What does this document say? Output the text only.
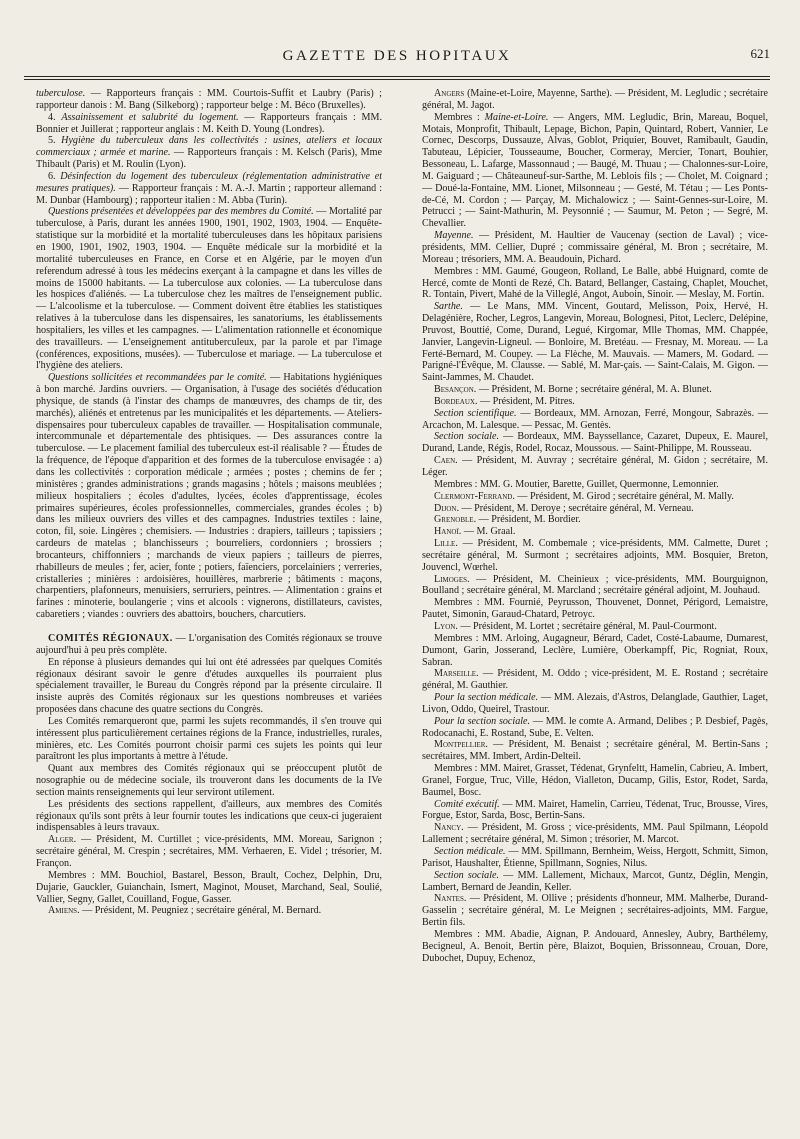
GAZETTE DES HOPITAUX	621

tuberculose. — Rapporteurs français : MM. Courtois-Suffit et Laubry (Paris) ; rapporteur danois : M. Bang (Silkeborg) ; rapporteur belge : M. Béco (Bruxelles).

4. Assainissement et salubrité du logement. — Rapporteurs français : MM. Bonnier et Juillerat ; rapporteur anglais : M. Keith D. Young (Londres).

5. Hygiène du tuberculeux dans les collectivités : usines, ateliers et locaux commerciaux ; armée et marine. — Rapporteurs français : M. Kelsch (Paris), Mme Thibault (Paris) et M. Roulin (Lyon).

6. Désinfection du logement des tuberculeux (réglementation administrative et mesures pratiques). — Rapporteur français : M. A.-J. Martin ; rapporteur allemand : M. Dunbar (Hambourg) ; rapporteur italien : M. Abba (Turin).

Questions présentées et développées par des membres du Comité. — Mortalité par tuberculose, à Paris, durant les années 1900, 1901, 1902, 1903, 1904. — Enquête-statistique sur la morbidité et la mortalité tuberculeuses dans les hôpitaux parisiens en 1900, 1901, 1902, 1903, 1904. — Enquête médicale sur la morbidité et la mortalité tuberculeuses en France, en Corse et en Algérie, par le moyen d'un referendum adressé à tous les médecins exerçant à la campagne et dans les villes de moins de 15000 habitants. — La tuberculose aux colonies. — La tuberculose dans les hospices d'aliénés. — La tuberculose chez les maîtres de l'enseignement public. — L'alcoolisme et la tuberculose. — Comment doivent être établies les statistiques relatives à la tuberculose dans les dispensaires, les sanatoriums, les établissements hospitaliers, les villes et les campagnes. — L'alimentation rationnelle et économique des travailleurs. — L'enseignement antituberculeux, par la parole et par l'image (conférences, expositions, musées). — Tuberculose et mariage. — La tuberculose et l'hygiène des ateliers.

Questions sollicitées et recommandées par le comité. — Habitations hygiéniques à bon marché. Jardins ouvriers. — Organisation, à l'usage des sociétés d'éducation physique, de stands (à l'instar des champs de manœuvres, des champs de tir, des marchés), aliénés et entretenus par les municipalités et les départements. — Ateliers-dispensaires pour tuberculeux capables de travailler. — Hospitalisation communale, intercommunale et départementale des phtisiques. — Des assurances contre la tuberculose. — Le placement familial des tuberculeux est-il réalisable ? — Études de la fréquence, de l'époque d'apparition et des formes de la tuberculose envisagée : a) dans les collectivités : corporation médicale ; armées ; postes ; chemins de fer ; ministères ; grandes administrations ; grands magasins ; hôtels ; maisons meublées ; milieux hospitaliers ; écoles d'adultes, lycées, écoles d'apprentissage, écoles primaires supérieures, écoles professionnelles, commerciales, grandes écoles ; b) dans les milieux ouvriers des villes et des campagnes. Industries textiles : laine, coton, fil, soie. Lingères ; chemisiers. — Industries : drapiers, tailleurs ; tapissiers ; cardeurs de matelas ; blanchisseurs ; bourreliers, cordonniers ; brossiers ; brocanteurs, chiffonniers ; marchands de vieux papiers ; tailleurs de pierres, rhabilleurs de meules ; fer, acier, fonte ; potiers, faïenciers, porcelainiers ; verreries, cristalleries ; minières : ardoisières, houillères, marbrerie ; bâtiments : maçons, charpentiers, plafonneurs, menuisiers, serruriers, peintres. — Alimentation : grains et farines : minoterie, boulangerie ; vins et alcools : vignerons, distillateurs, cavistes, cabaretiers ; viandes : ouvriers des abattoirs, bouchers, charcutiers.

COMITÉS RÉGIONAUX. — L'organisation des Comités régionaux se trouve aujourd'hui à peu près complète.

En réponse à plusieurs demandes qui lui ont été adressées par quelques Comités régionaux désirant savoir le genre d'études auxquelles ils pourraient plus spécialement travailler, le Bureau du Congrès répond par la présente circulaire. Il insiste auprès des Comités régionaux sur les questions nombreuses et variées proposées dans chacune des quatre sections du Congrès.

Les Comités remarqueront que, parmi les sujets recommandés, il s'en trouve qui intéressent plus particulièrement certaines régions de la France, industrielles, rurales, minières, etc. Les Comités pourront choisir parmi ces sujets les points qui leur paraîtront les plus importants à mettre à l'étude.

Quant aux membres des Comités régionaux qui se préoccupent plutôt de nosographie ou de médecine sociale, ils trouveront dans les documents de la IVe section maints renseignements qui leur serviront utilement.

Les présidents des sections rappellent, d'ailleurs, aux membres des Comités régionaux qu'ils sont prêts à leur fournir toutes les indications que ceux-ci jugeraient indispensables à leurs travaux.

Alger. — Président, M. Curtillet ; vice-présidents, MM. Moreau, Sarignon ; secrétaire général, M. Crespin ; secrétaires, MM. Verhaeren, E. Videl ; trésorier, M. Françon.

Membres : MM. Bouchiol, Bastarel, Besson, Brault, Cochez, Delphin, Dru, Dujarie, Gauckler, Guianchain, Ismert, Maginot, Mouset, Marchand, Seal, Soulié, Vallier, Segny, Gallet, Couilland, Fogue, Gasser.

Amiens. — Président, M. Peugniez ; secrétaire général, M. Bernard.

Angers (Maine-et-Loire, Mayenne, Sarthe). — Président, M. Legludic ; secrétaire général, M. Jagot.

Membres : Maine-et-Loire. — Angers, MM. Legludic, Brin, Mareau, Boquel, Motais, Monprofit, Thibault, Lepage, Bichon, Papin, Quintard, Robert, Vannier, Le Cornec, Descorps, Dussauze, Alvas, Goblot, Priquier, Bouvet, Ramibault, Gaudin, Tabuteau, Lépicier, Tousseaume, Boucher, Cormeray, Mercier, Tonart, Bouhier, Bessoneau, L. Lafarge, Massonnaud ; — Baugé, M. Thuau ; — Chalonnes-sur-Loire, M. Gaiguard ; — Châteauneuf-sur-Sarthe, M. Leblois fils ; — Cholet, M. Coignard ; — Doué-la-Fontaine, MM. Lionet, Milsonneau ; — Gesté, M. Tétau ; — Les Ponts-de-Cé, M. Cordon ; — Parçay, M. Michalowicz ; — Saint-Gennes-sur-Loire, M. Petrucci ; — Saint-Mathurin, M. Peysonnié ; — Saumur, M. Peton ; — Segré, M. Chevallier.

Mayenne. — Président, M. Haultier de Vaucenay (section de Laval) ; vice-présidents, MM. Cellier, Dupré ; commissaire général, M. Bron ; secrétaire, M. Moreau ; trésoriers, MM. A. Beaudouin, Pichard.

Membres : MM. Gaumé, Gougeon, Rolland, Le Balle, abbé Huignard, comte de Hercé, comte de Monti de Rezé, Ch. Batard, Bellanger, Castaing, Chaplet, Mouchet, R. Tontain, Pivert, Mahé de la Villeglé, Angot, Auboin, Sinoir. — Meslay, M. Fortin.

Sarthe. — Le Mans, MM. Vincent, Goutard, Melisson, Poix, Hervé, H. Delagénière, Rocher, Legros, Langevin, Moreau, Bolognesi, Pitot, Leclerc, Delépine, Pruvost, Bouttié, Come, Durand, Legué, Kirgomar, Mlle Thomas, MM. Chappée, Janvier, Langevin-Ligneul. — Bonloire, M. Bretéau. — Fresnay, M. Moreau. — La Ferté-Bernard, M. Coupey. — La Flèche, M. Mauvais. — Mamers, M. Godard. — Parigné-l'Évêque, M. Clausse. — Sablé, M. Mar-çais. — Saint-Calais, M. Gigon. — Saint-Jammes, M. Chaudet.

Besançon. — Président, M. Borne ; secrétaire général, M. A. Blunet.

Bordeaux. — Président, M. Pitres.

Section scientifique. — Bordeaux, MM. Arnozan, Ferré, Mongour, Sabrazès. — Arcachon, M. Lalesque. — Pessac, M. Gentès.

Section sociale. — Bordeaux, MM. Bayssellance, Cazaret, Dupeux, E. Maurel, Durand, Lande, Régis, Rodel, Rocaz, Moussous. — Saint-Philippe, M. Rousseau.

Caen. — Président, M. Auvray ; secrétaire général, M. Gidon ; secrétaire, M. Léger.

Membres : MM. G. Moutier, Barette, Guillet, Quermonne, Lemonnier.

Clermont-Ferrand. — Président, M. Girod ; secrétaire général, M. Mally.

Dijon. — Président, M. Deroye ; secrétaire général, M. Verneau.

Grenoble. — Président, M. Bordier.

Hanoï. — M. Graal.

Lille. — Président, M. Combemale ; vice-présidents, MM. Calmette, Duret ; secrétaire général, M. Surmont ; secrétaires adjoints, MM. Bosquier, Breton, Jouvencl, Wœrhel.

Limoges. — Président, M. Cheinieux ; vice-présidents, MM. Bourguignon, Boulland ; secrétaire général, M. Marcland ; secrétaire général adjoint, M. Jouhaud.

Membres : MM. Fournié, Peyrusson, Thouvenet, Donnet, Périgord, Lemaistre, Pautet, Simonin, Garaud-Chatard, Petroyc.

Lyon. — Président, M. Lortet ; secrétaire général, M. Paul-Courmont.

Membres : MM. Arloing, Augagneur, Bérard, Cadet, Costé-Labaume, Dumarest, Dumont, Garin, Josserand, Leclère, Lumière, Oberkampff, Pic, Rogniat, Roux, Sabran.

Marseille. — Président, M. Oddo ; vice-président, M. E. Rostand ; secrétaire général, M. Gauthier.

Pour la section médicale. — MM. Alezais, d'Astros, Delanglade, Gauthier, Laget, Livon, Oddo, Queirel, Trastour.

Pour la section sociale. — MM. le comte A. Armand, Delibes ; P. Desbief, Pagès, Rodocanachi, E. Rostand, Sube, E. Velten.

Montpellier. — Président, M. Benaist ; secrétaire général, M. Bertin-Sans ; secrétaires, MM. Imbert, Ardin-Delteil.

Membres : MM. Mairet, Grasset, Tédenat, Grynfeltt, Hamelin, Cabrieu, A. Imbert, Granel, Forgue, Truc, Ville, Hédon, Vialleton, Ducamp, Gilis, Estor, Rodet, Sarda, Baumel, Bosc.

Comité exécutif. — MM. Mairet, Hamelin, Carrieu, Tédenat, Truc, Brousse, Vires, Forgue, Estor, Sarda, Bosc, Bertin-Sans.

Nancy. — Président, M. Gross ; vice-présidents, MM. Paul Spilmann, Léopold Lallement ; secrétaire général, M. Simon ; trésorier, M. Marcot.

Section médicale. — MM. Spillmann, Bernheim, Weiss, Hergott, Schmitt, Simon, Parisot, Haushalter, Étienne, Spillmann, Sognies, Nilus.

Section sociale. — MM. Lallement, Michaux, Marcot, Guntz, Déglin, Mengin, Lambert, Bernard de Jeandin, Keller.

Nantes. — Président, M. Ollive ; présidents d'honneur, MM. Malherbe, Durand-Gasselin ; secrétaire général, M. Le Meignen ; secrétaires-adjoints, MM. Fargue, Bertin fils.

Membres : MM. Abadie, Aignan, P. Andouard, Annesley, Aubry, Barthélemy, Becigneul, A. Benoit, Bertin père, Blaizot, Boquien, Brissonneau, Crouan, Dore, Dubochet, Dupuy, Echenoz,
